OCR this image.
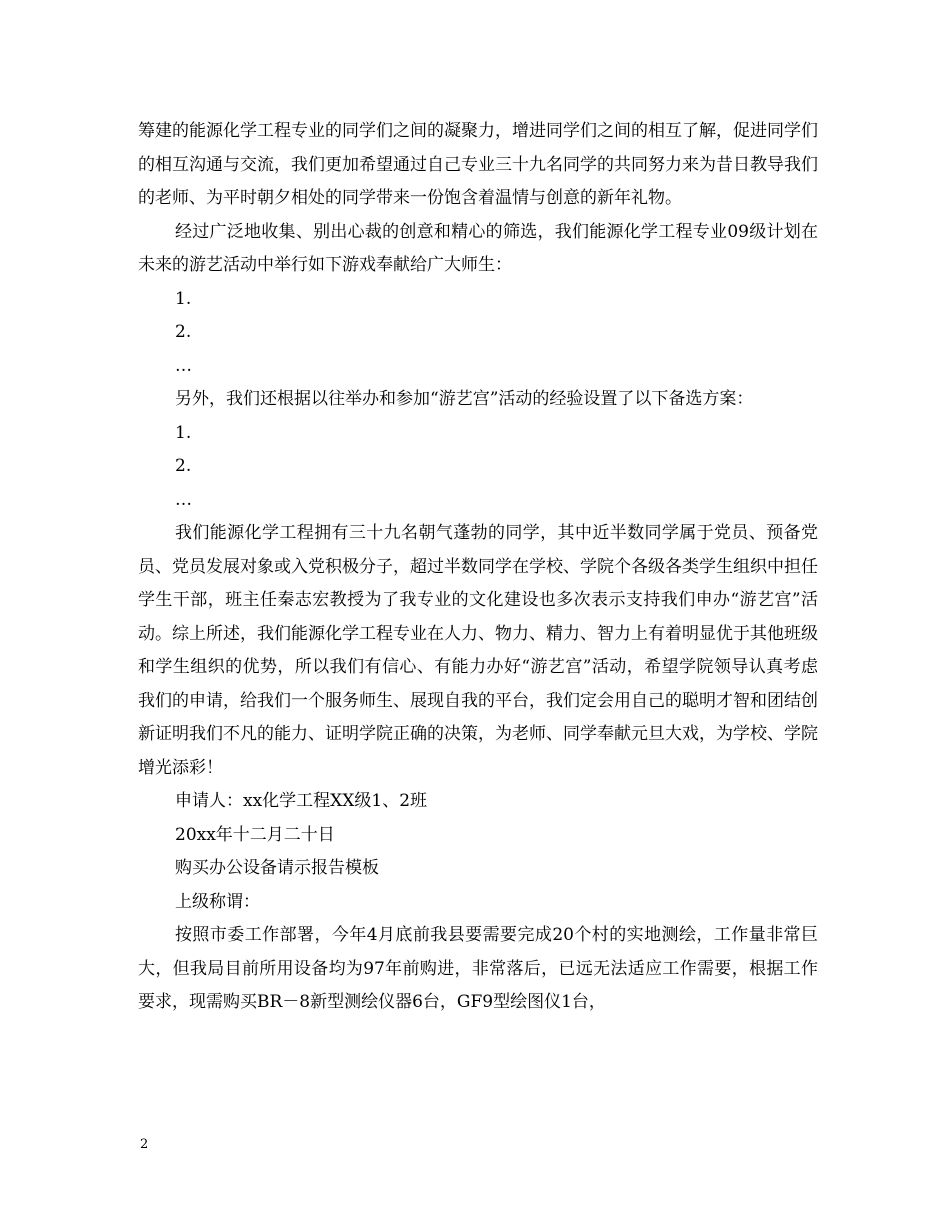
筹建的能源化学工程专业的同学们之间的凝聚力，增进同学们之间的相互了解，促进同学们的相互沟通与交流，我们更加希望通过自己专业三十九名同学的共同努力来为昔日教导我们的老师、为平时朝夕相处的同学带来一份饱含着温情与创意的新年礼物。

经过广泛地收集、别出心裁的创意和精心的筛选，我们能源化学工程专业09级计划在未来的游艺活动中举行如下游戏奉献给广大师生：

1.

2.

…

另外，我们还根据以往举办和参加“游艺宫”活动的经验设置了以下备选方案：

1.

2.

…

我们能源化学工程拥有三十九名朝气蓬勃的同学，其中近半数同学属于党员、预备党员、党员发展对象或入党积极分子，超过半数同学在学校、学院个各级各类学生组织中担任学生干部，班主任秦志宏教授为了我专业的文化建设也多次表示支持我们申办“游艺宫”活动。综上所述，我们能源化学工程专业在人力、物力、精力、智力上有着明显优于其他班级和学生组织的优势，所以我们有信心、有能力办好“游艺宫”活动，希望学院领导认真考虑我们的申请，给我们一个服务师生、展现自我的平台，我们定会用自己的聪明才智和团结创新证明我们不凡的能力、证明学院正确的决策，为老师、同学奉献元旦大戏，为学校、学院增光添彩！

申请人：xx化学工程XX级1、2班

20xx年十二月二十日

购买办公设备请示报告模板

上级称谓：

按照市委工作部署，今年4月底前我县要需要完成20个村的实地测绘，工作量非常巨大，但我局目前所用设备均为97年前购进，非常落后，已远无法适应工作需要，根据工作要求，现需购买BR－8新型测绘仪器6台，GF9型绘图仪1台，

2
